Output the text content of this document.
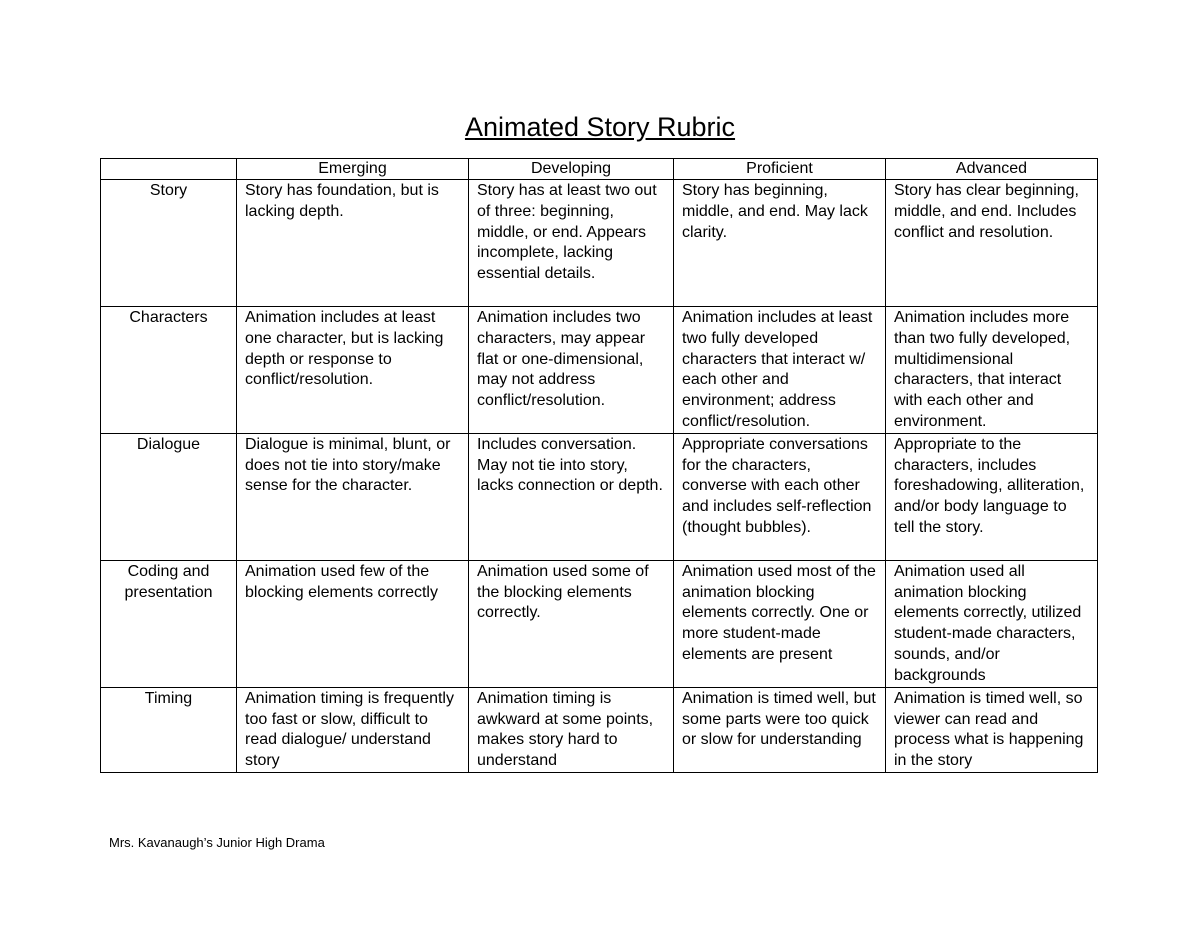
Animated Story Rubric
	Emerging	Developing	Proficient	Advanced
Story	Story has foundation, but is lacking depth.	Story has at least two out of three: beginning, middle, or end. Appears incomplete, lacking essential details.	Story has beginning, middle, and end. May lack clarity.	Story has clear beginning, middle, and end. Includes conflict and resolution.
Characters	Animation includes at least one character, but is lacking depth or response to conflict/resolution.	Animation includes two characters, may appear flat or one-dimensional, may not address conflict/resolution.	Animation includes at least two fully developed characters that interact w/ each other and environment; address conflict/resolution.	Animation includes more than two fully developed, multidimensional characters, that interact with each other and environment.
Dialogue	Dialogue is minimal, blunt, or does not tie into story/make sense for the character.	Includes conversation. May not tie into story, lacks connection or depth.	Appropriate conversations for the characters, converse with each other and includes self-reflection (thought bubbles).	Appropriate to the characters, includes foreshadowing, alliteration, and/or body language to tell the story.
Coding and presentation	Animation used few of the blocking elements correctly	Animation used some of the blocking elements correctly.	Animation used most of the animation blocking elements correctly. One or more student-made elements are present	Animation used all animation blocking elements correctly, utilized student-made characters, sounds, and/or backgrounds
Timing	Animation timing is frequently too fast or slow, difficult to read dialogue/ understand story	Animation timing is awkward at some points, makes story hard to understand	Animation is timed well, but some parts were too quick or slow for understanding	Animation is timed well, so viewer can read and process what is happening in the story
Mrs. Kavanaugh’s Junior High Drama
